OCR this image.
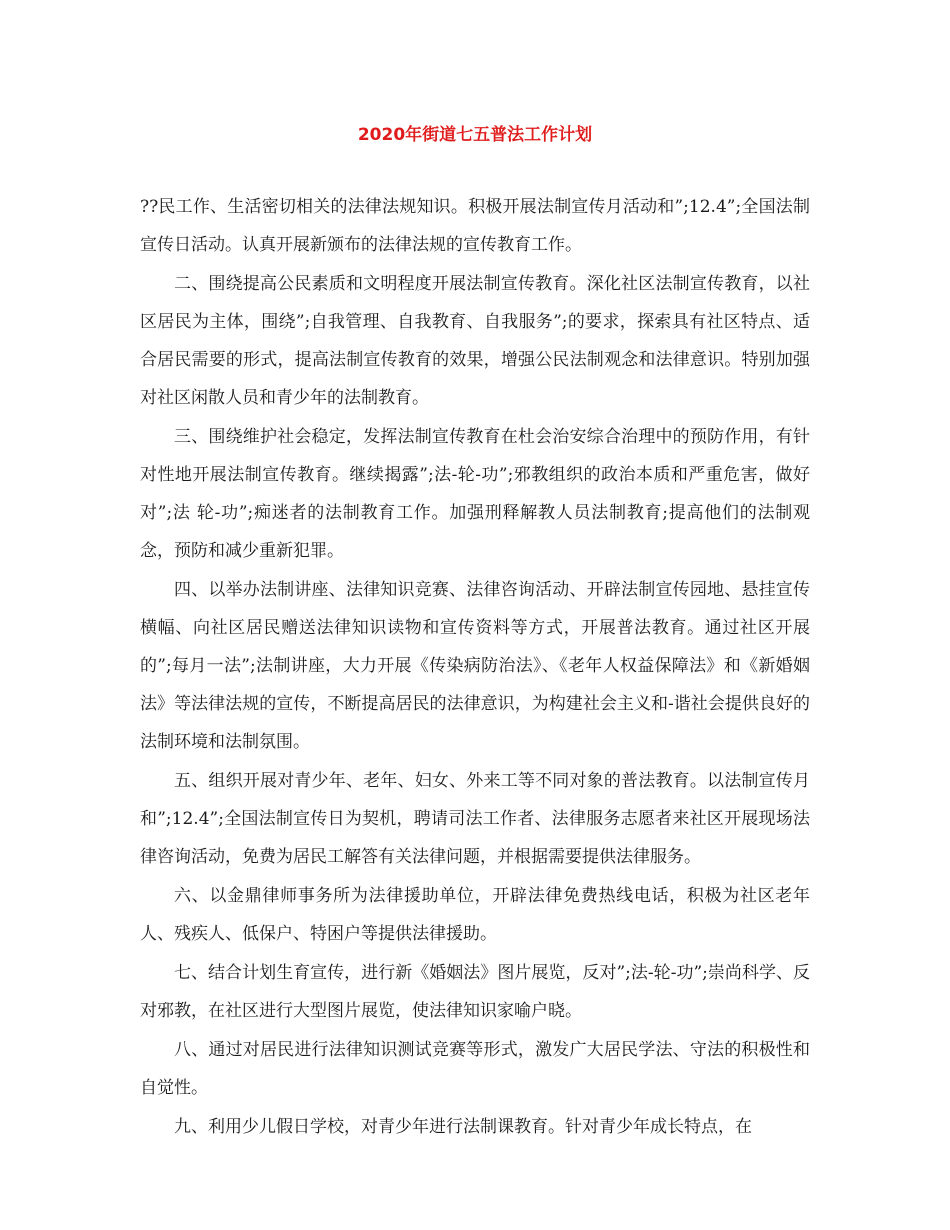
2020年街道七五普法工作计划

??民工作、生活密切相关的法律法规知识。积极开展法制宣传月活动和”;12.4”;全国法制宣传日活动。认真开展新颁布的法律法规的宣传教育工作。

二、围绕提高公民素质和文明程度开展法制宣传教育。深化社区法制宣传教育，以社区居民为主体，围绕”;自我管理、自我教育、自我服务”;的要求，探索具有社区特点、适合居民需要的形式，提高法制宣传教育的效果，增强公民法制观念和法律意识。特别加强对社区闲散人员和青少年的法制教育。

三、围绕维护社会稳定，发挥法制宣传教育在杜会治安综合治理中的预防作用，有针对性地开展法制宣传教育。继续揭露”;法-轮-功”;邪教组织的政治本质和严重危害，做好对”;法 轮-功”;痴迷者的法制教育工作。加强刑释解教人员法制教育;提高他们的法制观念，预防和减少重新犯罪。

四、以举办法制讲座、法律知识竞赛、法律咨询活动、开辟法制宣传园地、悬挂宣传横幅、向社区居民赠送法律知识读物和宣传资料等方式，开展普法教育。通过社区开展的”;每月一法”;法制讲座，大力开展《传染病防治法》、《老年人权益保障法》和《新婚姻法》等法律法规的宣传，不断提高居民的法律意识，为构建社会主义和-谐社会提供良好的法制环境和法制氛围。

五、组织开展对青少年、老年、妇女、外来工等不同对象的普法教育。以法制宣传月和”;12.4”;全国法制宣传日为契机，聘请司法工作者、法律服务志愿者来社区开展现场法律咨询活动，免费为居民工解答有关法律问题，并根据需要提供法律服务。

六、以金鼎律师事务所为法律援助单位，开辟法律免费热线电话，积极为社区老年人、残疾人、低保户、特困户等提供法律援助。

七、结合计划生育宣传，进行新《婚姻法》图片展览，反对”;法-轮-功”;崇尚科学、反对邪教，在社区进行大型图片展览，使法律知识家喻户晓。

八、通过对居民进行法律知识测试竞赛等形式，激发广大居民学法、守法的积极性和自觉性。

九、利用少儿假日学校，对青少年进行法制课教育。针对青少年成长特点，在
